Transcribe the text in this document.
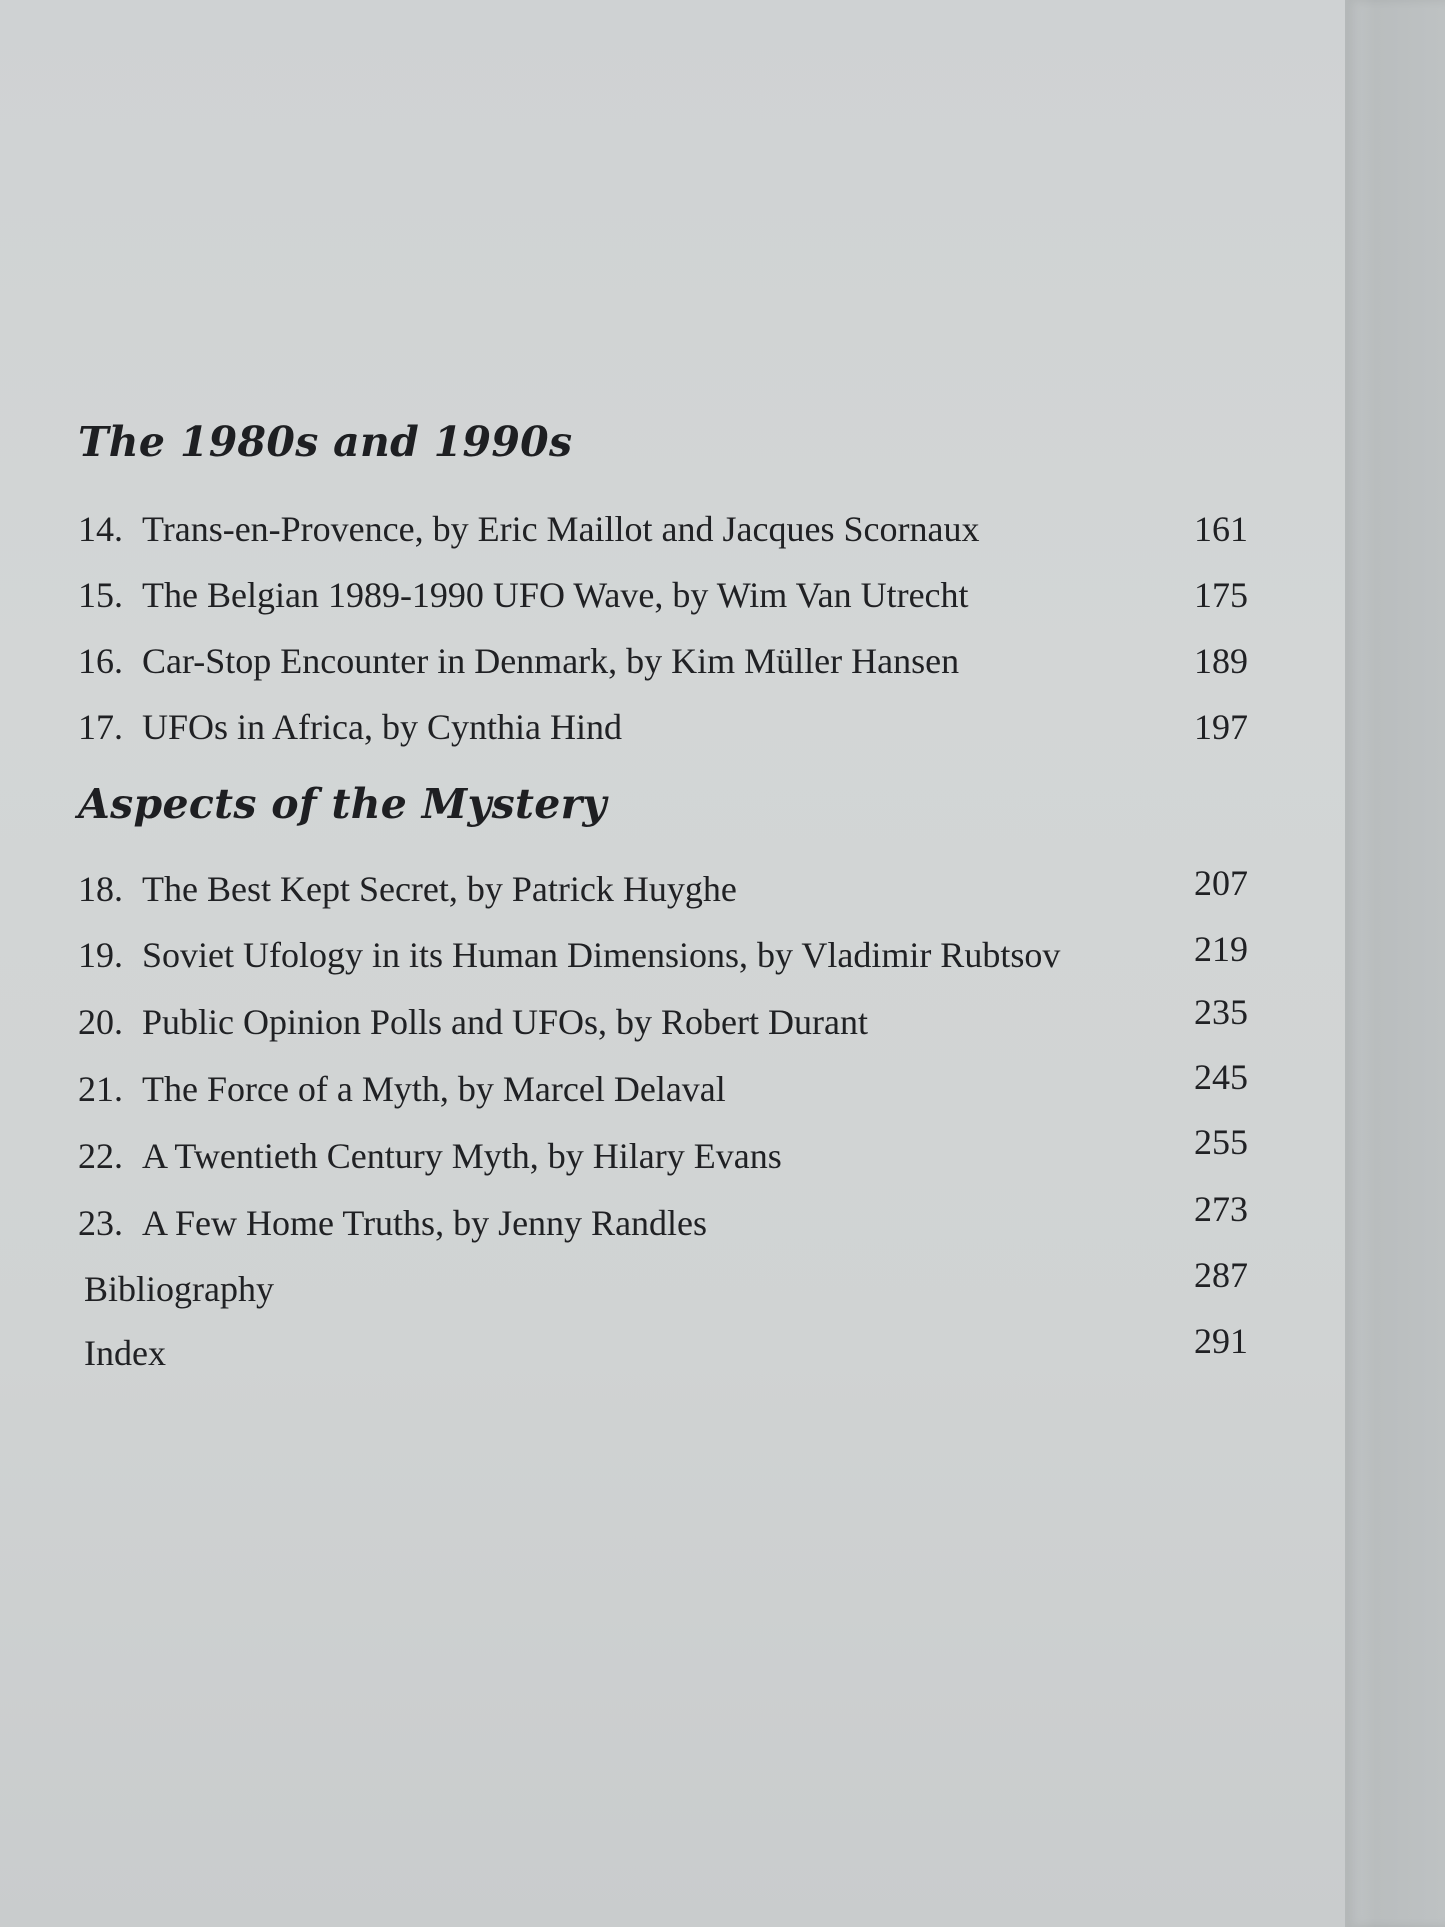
The 1980s and 1990s
14. Trans-en-Provence, by Eric Maillot and Jacques Scornaux	161
15. The Belgian 1989-1990 UFO Wave, by Wim Van Utrecht	175
16. Car-Stop Encounter in Denmark, by Kim Müller Hansen	189
17. UFOs in Africa, by Cynthia Hind	197
Aspects of the Mystery
18. The Best Kept Secret, by Patrick Huyghe	207
19. Soviet Ufology in its Human Dimensions, by Vladimir Rubtsov	219
20. Public Opinion Polls and UFOs, by Robert Durant	235
21. The Force of a Myth, by Marcel Delaval	245
22. A Twentieth Century Myth, by Hilary Evans	255
23. A Few Home Truths, by Jenny Randles	273
Bibliography	287
Index	291
